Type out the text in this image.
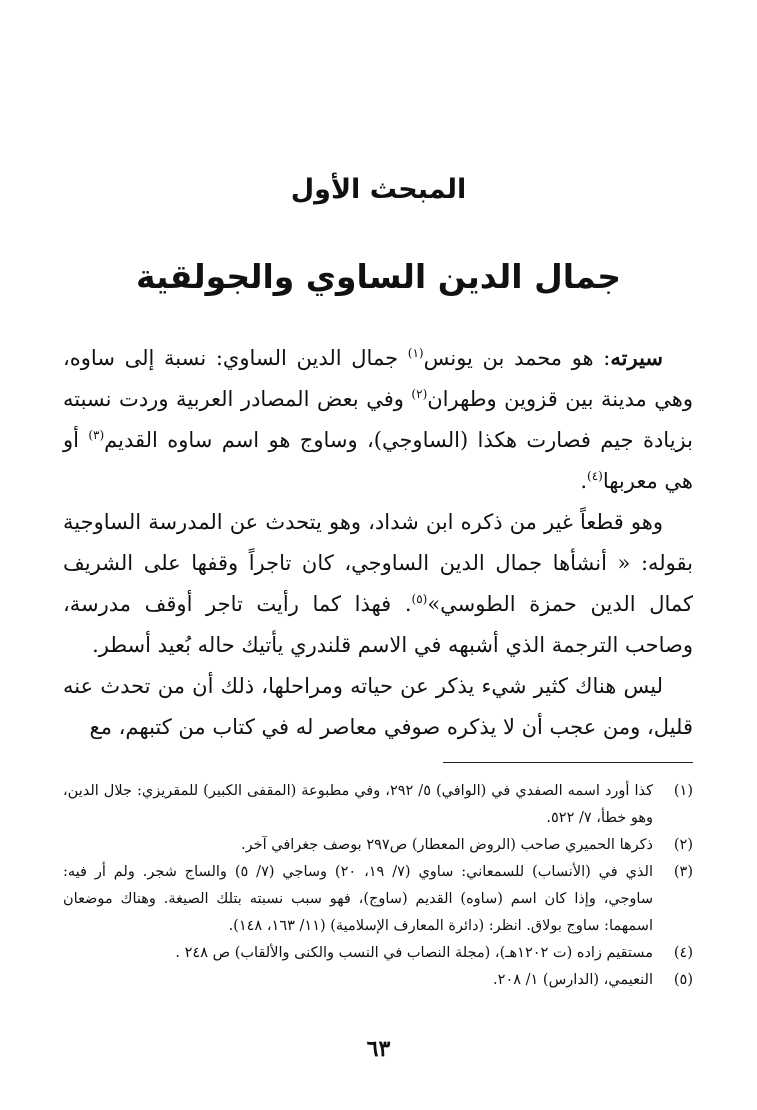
المبحث الأول
جمال الدين الساوي والجولقية

سيرته: هو محمد بن يونس$^{(١)}$ جمال الدين الساوي: نسبة إلى ساوه، وهي مدينة بين قزوين وطهران$^{(٢)}$ وفي بعض المصادر العربية وردت نسبته بزيادة جيم فصارت هكذا (الساوجي)، وساوج هو اسم ساوه القديم$^{(٣)}$ أو هي معربها$^{(٤)}$.

وهو قطعاً غير من ذكره ابن شداد، وهو يتحدث عن المدرسة الساوجية بقوله: « أنشأها جمال الدين الساوجي، كان تاجراً وقفها على الشريف كمال الدين حمزة الطوسي»$^{(٥)}$. فهذا كما رأيت تاجر أوقف مدرسة، وصاحب الترجمة الذي أشبهه في الاسم قلندري يأتيك حاله بُعيد أسطر.

ليس هناك كثير شيء يذكر عن حياته ومراحلها، ذلك أن من تحدث عنه قليل، ومن عجب أن لا يذكره صوفي معاصر له في كتاب من كتبهم، مع

(١)
كذا أورد اسمه الصفدي في (الوافي) ٥/ ٢٩٢، وفي مطبوعة (المقفى الكبير) للمقريزي: جلال الدين، وهو خطأ، ٧/ ٥٢٢.
(٢)
ذكرها الحميري صاحب (الروض المعطار) ص٢٩٧ بوصف جغرافي آخر.
(٣)
الذي في (الأنساب) للسمعاني: ساوي (٧/ ١٩، ٢٠) وساجي (٧/ ٥) والساج شجر. ولم أر فيه: ساوجي، وإذا كان اسم (ساوه) القديم (ساوج)، فهو سبب نسبته بتلك الصيغة. وهناك موضعان اسمهما: ساوج بولاق. انظر: (دائرة المعارف الإسلامية) (١١/ ١٦٣، ١٤٨).
(٤)
مستقيم زاده (ت ١٢٠٢هـ)، (مجلة النصاب في النسب والكنى والألقاب) ص ٢٤٨ .
(٥)
النعيمي، (الدارس) ١/ ٢٠٨.
٦٣
